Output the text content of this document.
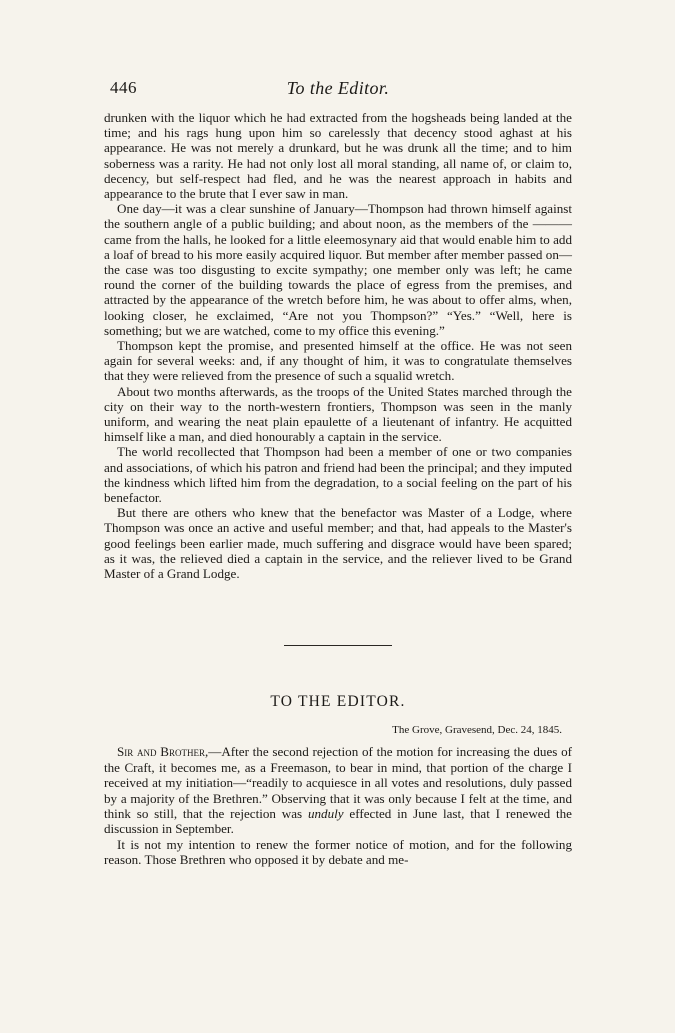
446	To the Editor.

drunken with the liquor which he had extracted from the hogsheads being landed at the time; and his rags hung upon him so carelessly that decency stood aghast at his appearance. He was not merely a drunkard, but he was drunk all the time; and to him soberness was a rarity. He had not only lost all moral standing, all name of, or claim to, decency, but self-respect had fled, and he was the nearest approach in habits and appearance to the brute that I ever saw in man.

One day—it was a clear sunshine of January—Thompson had thrown himself against the southern angle of a public building; and about noon, as the members of the ——— came from the halls, he looked for a little eleemosynary aid that would enable him to add a loaf of bread to his more easily acquired liquor. But member after member passed on—the case was too disgusting to excite sympathy; one member only was left; he came round the corner of the building towards the place of egress from the premises, and attracted by the appearance of the wretch before him, he was about to offer alms, when, looking closer, he exclaimed, “Are not you Thompson?” “Yes.” “Well, here is something; but we are watched, come to my office this evening.”

Thompson kept the promise, and presented himself at the office. He was not seen again for several weeks: and, if any thought of him, it was to congratulate themselves that they were relieved from the presence of such a squalid wretch.

About two months afterwards, as the troops of the United States marched through the city on their way to the north-western frontiers, Thompson was seen in the manly uniform, and wearing the neat plain epaulette of a lieutenant of infantry. He acquitted himself like a man, and died honourably a captain in the service.

The world recollected that Thompson had been a member of one or two companies and associations, of which his patron and friend had been the principal; and they imputed the kindness which lifted him from the degradation, to a social feeling on the part of his benefactor.

But there are others who knew that the benefactor was Master of a Lodge, where Thompson was once an active and useful member; and that, had appeals to the Master's good feelings been earlier made, much suffering and disgrace would have been spared; as it was, the relieved died a captain in the service, and the reliever lived to be Grand Master of a Grand Lodge.

TO THE EDITOR.
The Grove, Gravesend, Dec. 24, 1845.

Sir and Brother,—After the second rejection of the motion for increasing the dues of the Craft, it becomes me, as a Freemason, to bear in mind, that portion of the charge I received at my initiation—“readily to acquiesce in all votes and resolutions, duly passed by a majority of the Brethren.” Observing that it was only because I felt at the time, and think so still, that the rejection was unduly effected in June last, that I renewed the discussion in September.

It is not my intention to renew the former notice of motion, and for the following reason. Those Brethren who opposed it by debate and me-
